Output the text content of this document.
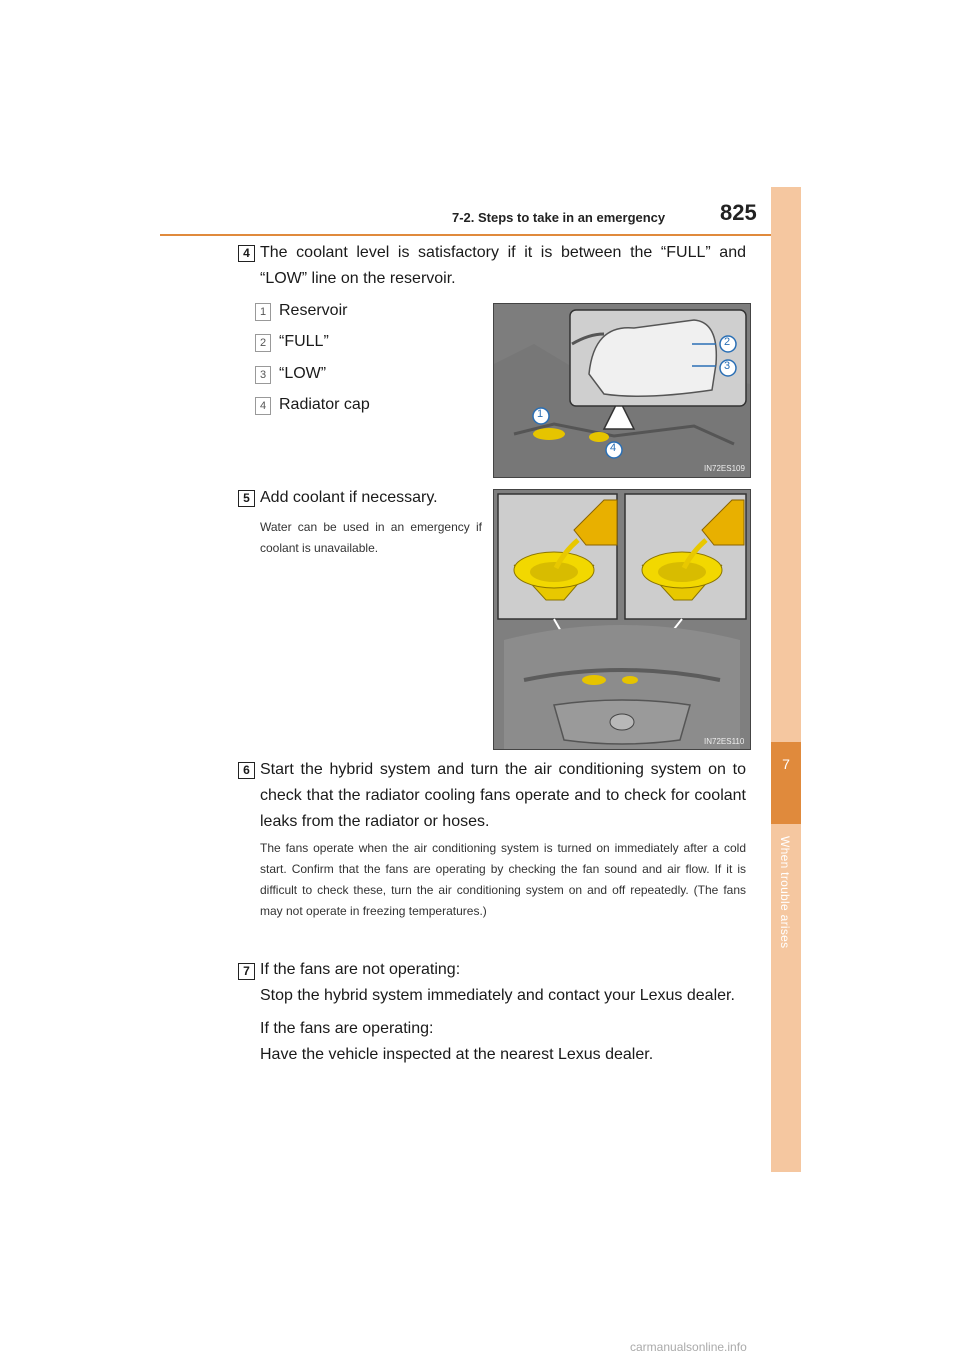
7-2. Steps to take in an emergency 825
7
When trouble arises
4 The coolant level is satisfactory if it is between the “FULL” and “LOW” line on the reservoir.
1 Reservoir
2 “FULL”
3 “LOW”
4 Radiator cap
2
3
1
4
IN72ES109
5 Add coolant if necessary.
Water can be used in an emergency if coolant is unavailable.
IN72ES110
6 Start the hybrid system and turn the air conditioning system on to check that the radiator cooling fans operate and to check for coolant leaks from the radiator or hoses.
The fans operate when the air conditioning system is turned on immediately after a cold start. Confirm that the fans are operating by checking the fan sound and air flow. If it is difficult to check these, turn the air conditioning system on and off repeatedly. (The fans may not operate in freezing temperatures.)
7 If the fans are not operating:
Stop the hybrid system immediately and contact your Lexus dealer.
If the fans are operating:
Have the vehicle inspected at the nearest Lexus dealer.
carmanualsonline.info
